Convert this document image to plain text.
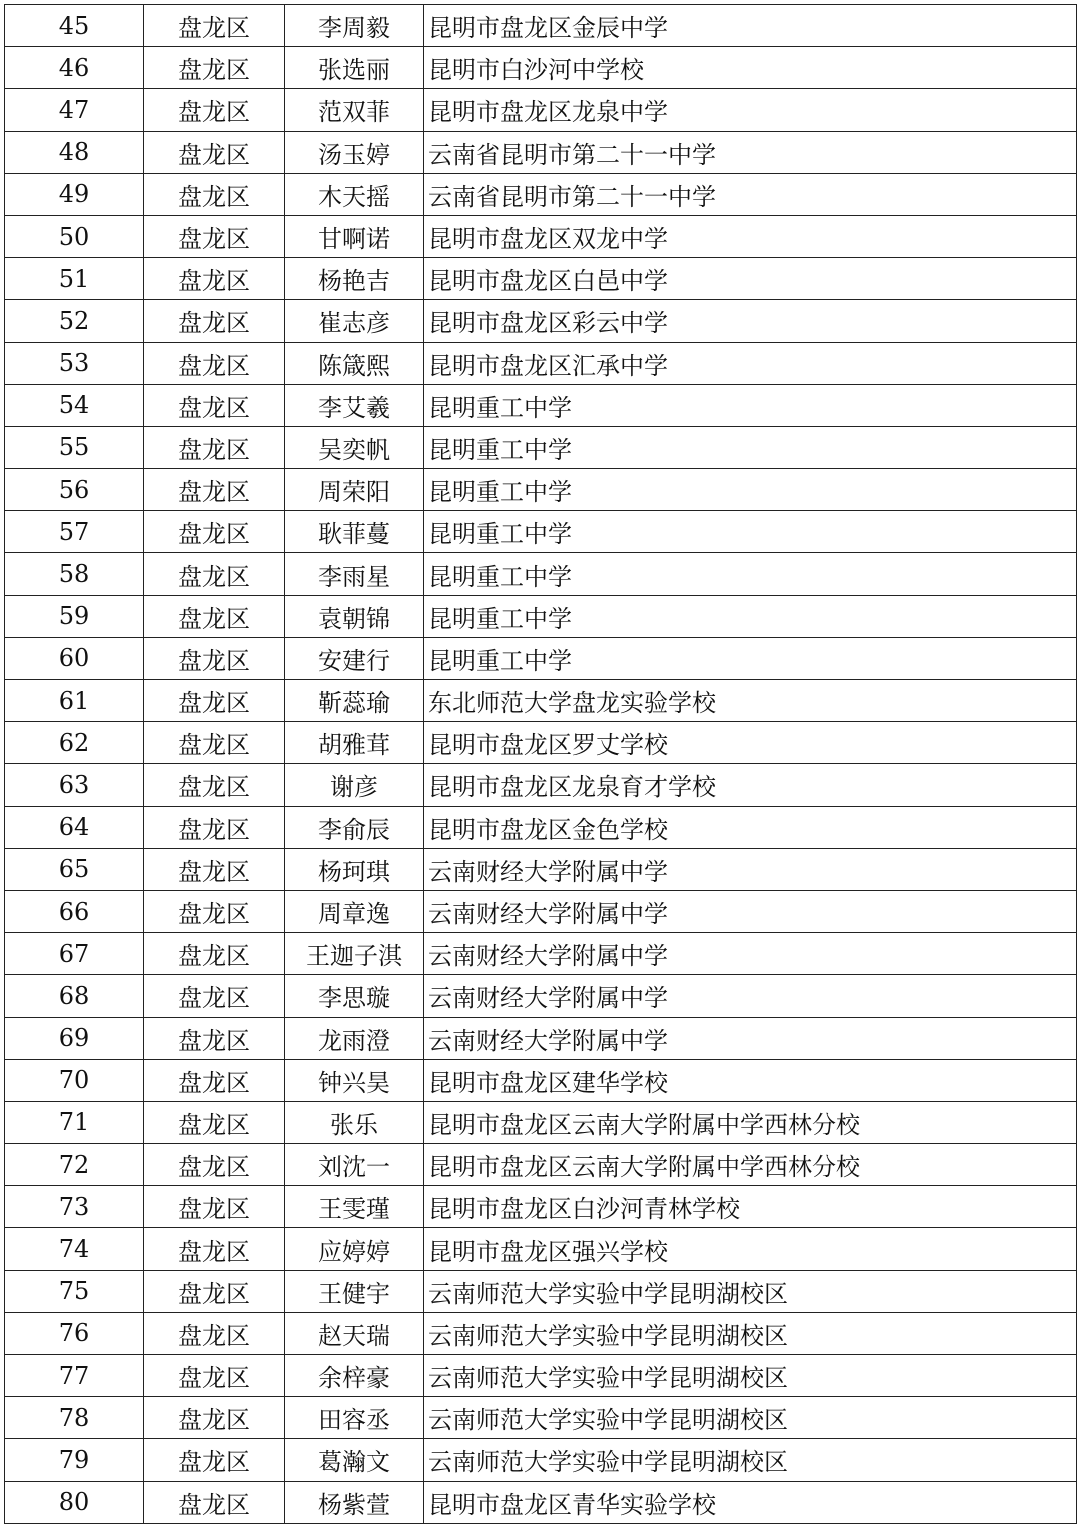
45	盘龙区	李周毅	昆明市盘龙区金辰中学
46	盘龙区	张选丽	昆明市白沙河中学校
47	盘龙区	范双菲	昆明市盘龙区龙泉中学
48	盘龙区	汤玉婷	云南省昆明市第二十一中学
49	盘龙区	木天摇	云南省昆明市第二十一中学
50	盘龙区	甘啊诺	昆明市盘龙区双龙中学
51	盘龙区	杨艳吉	昆明市盘龙区白邑中学
52	盘龙区	崔志彦	昆明市盘龙区彩云中学
53	盘龙区	陈箴熙	昆明市盘龙区汇承中学
54	盘龙区	李艾羲	昆明重工中学
55	盘龙区	吴奕帆	昆明重工中学
56	盘龙区	周荣阳	昆明重工中学
57	盘龙区	耿菲蔓	昆明重工中学
58	盘龙区	李雨星	昆明重工中学
59	盘龙区	袁朝锦	昆明重工中学
60	盘龙区	安建行	昆明重工中学
61	盘龙区	靳蕊瑜	东北师范大学盘龙实验学校
62	盘龙区	胡雅茸	昆明市盘龙区罗丈学校
63	盘龙区	谢彦	昆明市盘龙区龙泉育才学校
64	盘龙区	李俞辰	昆明市盘龙区金色学校
65	盘龙区	杨珂琪	云南财经大学附属中学
66	盘龙区	周章逸	云南财经大学附属中学
67	盘龙区	王迦子淇	云南财经大学附属中学
68	盘龙区	李思璇	云南财经大学附属中学
69	盘龙区	龙雨澄	云南财经大学附属中学
70	盘龙区	钟兴昊	昆明市盘龙区建华学校
71	盘龙区	张乐	昆明市盘龙区云南大学附属中学西林分校
72	盘龙区	刘沈一	昆明市盘龙区云南大学附属中学西林分校
73	盘龙区	王雯瑾	昆明市盘龙区白沙河青林学校
74	盘龙区	应婷婷	昆明市盘龙区强兴学校
75	盘龙区	王健宇	云南师范大学实验中学昆明湖校区
76	盘龙区	赵天瑞	云南师范大学实验中学昆明湖校区
77	盘龙区	余梓豪	云南师范大学实验中学昆明湖校区
78	盘龙区	田容丞	云南师范大学实验中学昆明湖校区
79	盘龙区	葛瀚文	云南师范大学实验中学昆明湖校区
80	盘龙区	杨紫萱	昆明市盘龙区青华实验学校
